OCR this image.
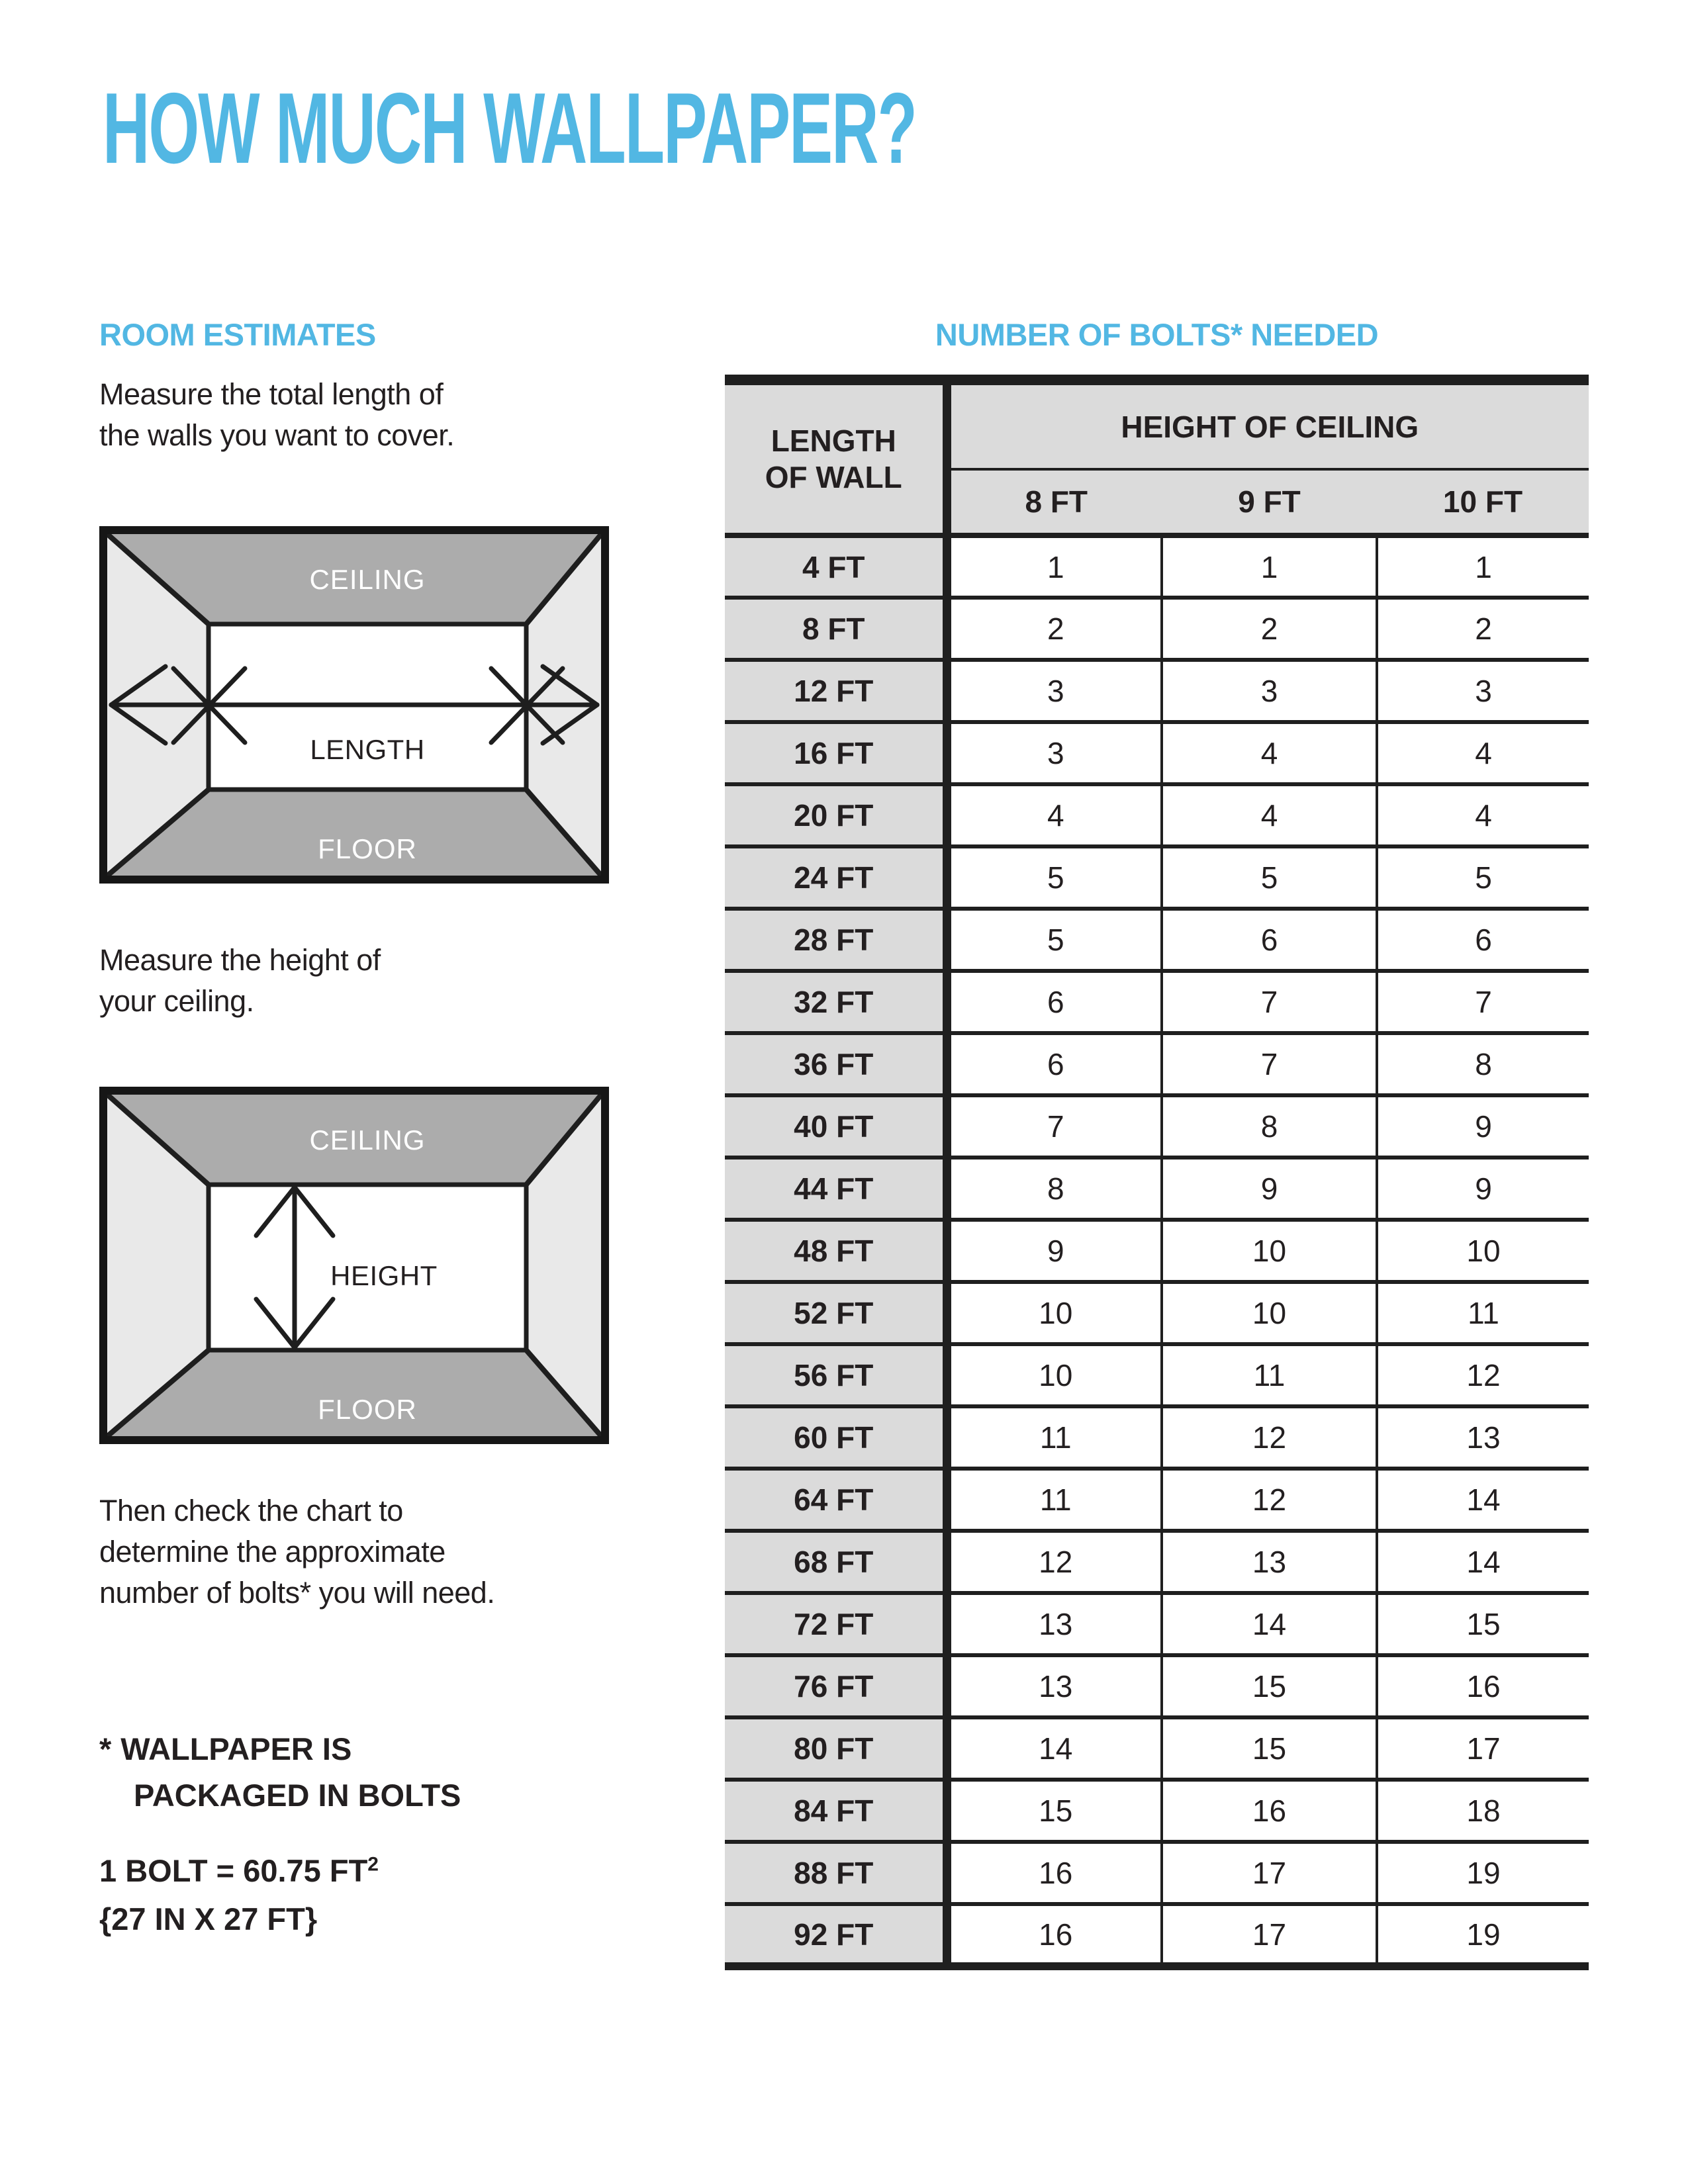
HOW MUCH WALLPAPER?
ROOM ESTIMATES

Measure the total length of
the walls you want to cover.

CEILING
FLOOR
LENGTH

Measure the height of
your ceiling.

CEILING
FLOOR
HEIGHT

Then check the chart to
determine the approximate
number of bolts* you will need.

* WALLPAPER IS
PACKAGED IN BOLTS
1 BOLT = 60.75 $FT^2$
{27 IN X 27 FT}
NUMBER OF BOLTS* NEEDED
LENGTH
OF WALL	HEIGHT OF CEILING		
	8 FT	9 FT	10 FT
4 FT	1	1	1
8 FT	2	2	2
12 FT	3	3	3
16 FT	3	4	4
20 FT	4	4	4
24 FT	5	5	5
28 FT	5	6	6
32 FT	6	7	7
36 FT	6	7	8
40 FT	7	8	9
44 FT	8	9	9
48 FT	9	10	10
52 FT	10	10	11
56 FT	10	11	12
60 FT	11	12	13
64 FT	11	12	14
68 FT	12	13	14
72 FT	13	14	15
76 FT	13	15	16
80 FT	14	15	17
84 FT	15	16	18
88 FT	16	17	19
92 FT	16	17	19
